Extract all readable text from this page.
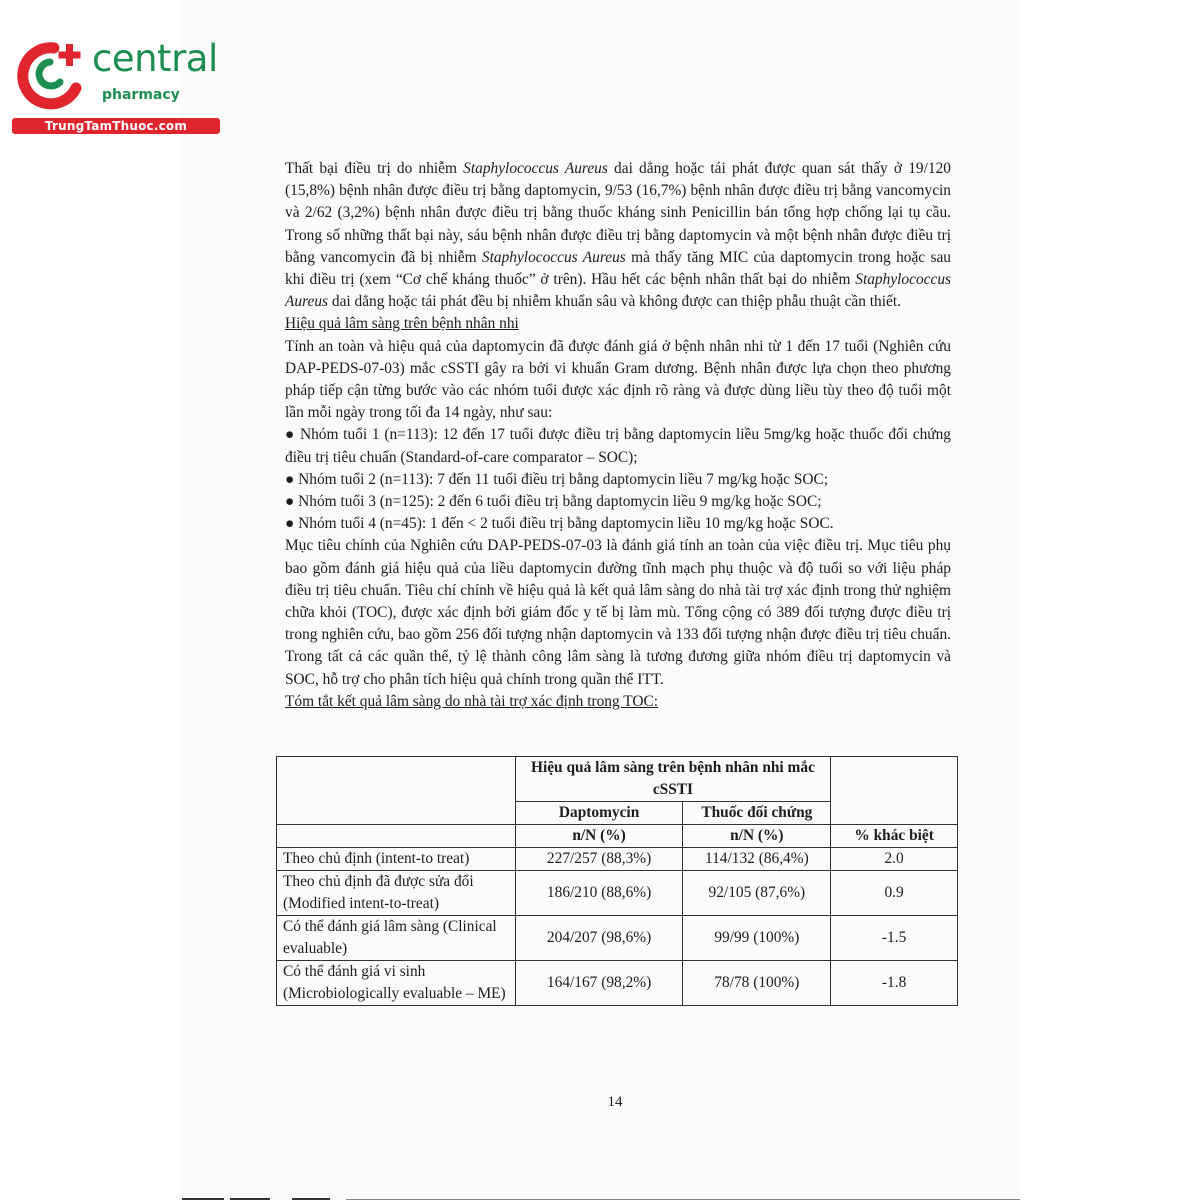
central
pharmacy
TrungTamThuoc.com

Thất bại điều trị do nhiễm Staphylococcus Aureus dai dẳng hoặc tái phát được quan sát thấy ở 19/120 (15,8%) bệnh nhân được điều trị bằng daptomycin, 9/53 (16,7%) bệnh nhân được điều trị bằng vancomycin và 2/62 (3,2%) bệnh nhân được điều trị bằng thuốc kháng sinh Penicillin bán tổng hợp chống lại tụ cầu. Trong số những thất bại này, sáu bệnh nhân được điều trị bằng daptomycin và một bệnh nhân được điều trị bằng vancomycin đã bị nhiễm Staphylococcus Aureus mà thấy tăng MIC của daptomycin trong hoặc sau khi điều trị (xem “Cơ chế kháng thuốc” ở trên). Hầu hết các bệnh nhân thất bại do nhiễm Staphylococcus Aureus dai dẳng hoặc tái phát đều bị nhiễm khuẩn sâu và không được can thiệp phẫu thuật cần thiết.

Hiệu quả lâm sàng trên bệnh nhân nhi

Tính an toàn và hiệu quả của daptomycin đã được đánh giá ở bệnh nhân nhi từ 1 đến 17 tuổi (Nghiên cứu DAP-PEDS-07-03) mắc cSSTI gây ra bởi vi khuẩn Gram dương. Bệnh nhân được lựa chọn theo phương pháp tiếp cận từng bước vào các nhóm tuổi được xác định rõ ràng và được dùng liều tùy theo độ tuổi một lần mỗi ngày trong tối đa 14 ngày, như sau:

● Nhóm tuổi 1 (n=113): 12 đến 17 tuổi được điều trị bằng daptomycin liều 5mg/kg hoặc thuốc đối chứng điều trị tiêu chuẩn (Standard-of-care comparator – SOC);

● Nhóm tuổi 2 (n=113): 7 đến 11 tuổi điều trị bằng daptomycin liều 7 mg/kg hoặc SOC;

● Nhóm tuổi 3 (n=125): 2 đến 6 tuổi điều trị bằng daptomycin liều 9 mg/kg hoặc SOC;

● Nhóm tuổi 4 (n=45): 1 đến < 2 tuổi điều trị bằng daptomycin liều 10 mg/kg hoặc SOC.

Mục tiêu chính của Nghiên cứu DAP-PEDS-07-03 là đánh giá tính an toàn của việc điều trị. Mục tiêu phụ bao gồm đánh giá hiệu quả của liều daptomycin đường tĩnh mạch phụ thuộc và độ tuổi so với liệu pháp điều trị tiêu chuẩn. Tiêu chí chính về hiệu quả là kết quả lâm sàng do nhà tài trợ xác định trong thử nghiệm chữa khỏi (TOC), được xác định bởi giám đốc y tế bị làm mù. Tổng cộng có 389 đối tượng được điều trị trong nghiên cứu, bao gồm 256 đối tượng nhận daptomycin và 133 đối tượng nhận được điều trị tiêu chuẩn. Trong tất cả các quần thể, tỷ lệ thành công lâm sàng là tương đương giữa nhóm điều trị daptomycin và SOC, hỗ trợ cho phân tích hiệu quả chính trong quần thể ITT.

Tóm tắt kết quả lâm sàng do nhà tài trợ xác định trong TOC:

	Hiệu quả lâm sàng trên bệnh nhân nhi mắc cSSTI		
	Daptomycin	Thuốc đối chứng	
	n/N (%)	n/N (%)	% khác biệt
Theo chủ định (intent-to treat)	227/257 (88,3%)	114/132 (86,4%)	2.0
Theo chủ định đã được sửa đổi (Modified intent-to-treat)	186/210 (88,6%)	92/105 (87,6%)	0.9
Có thể đánh giá lâm sàng (Clinical evaluable)	204/207 (98,6%)	99/99 (100%)	-1.5
Có thể đánh giá vi sinh (Microbiologically evaluable – ME)	164/167 (98,2%)	78/78 (100%)	-1.8
14
